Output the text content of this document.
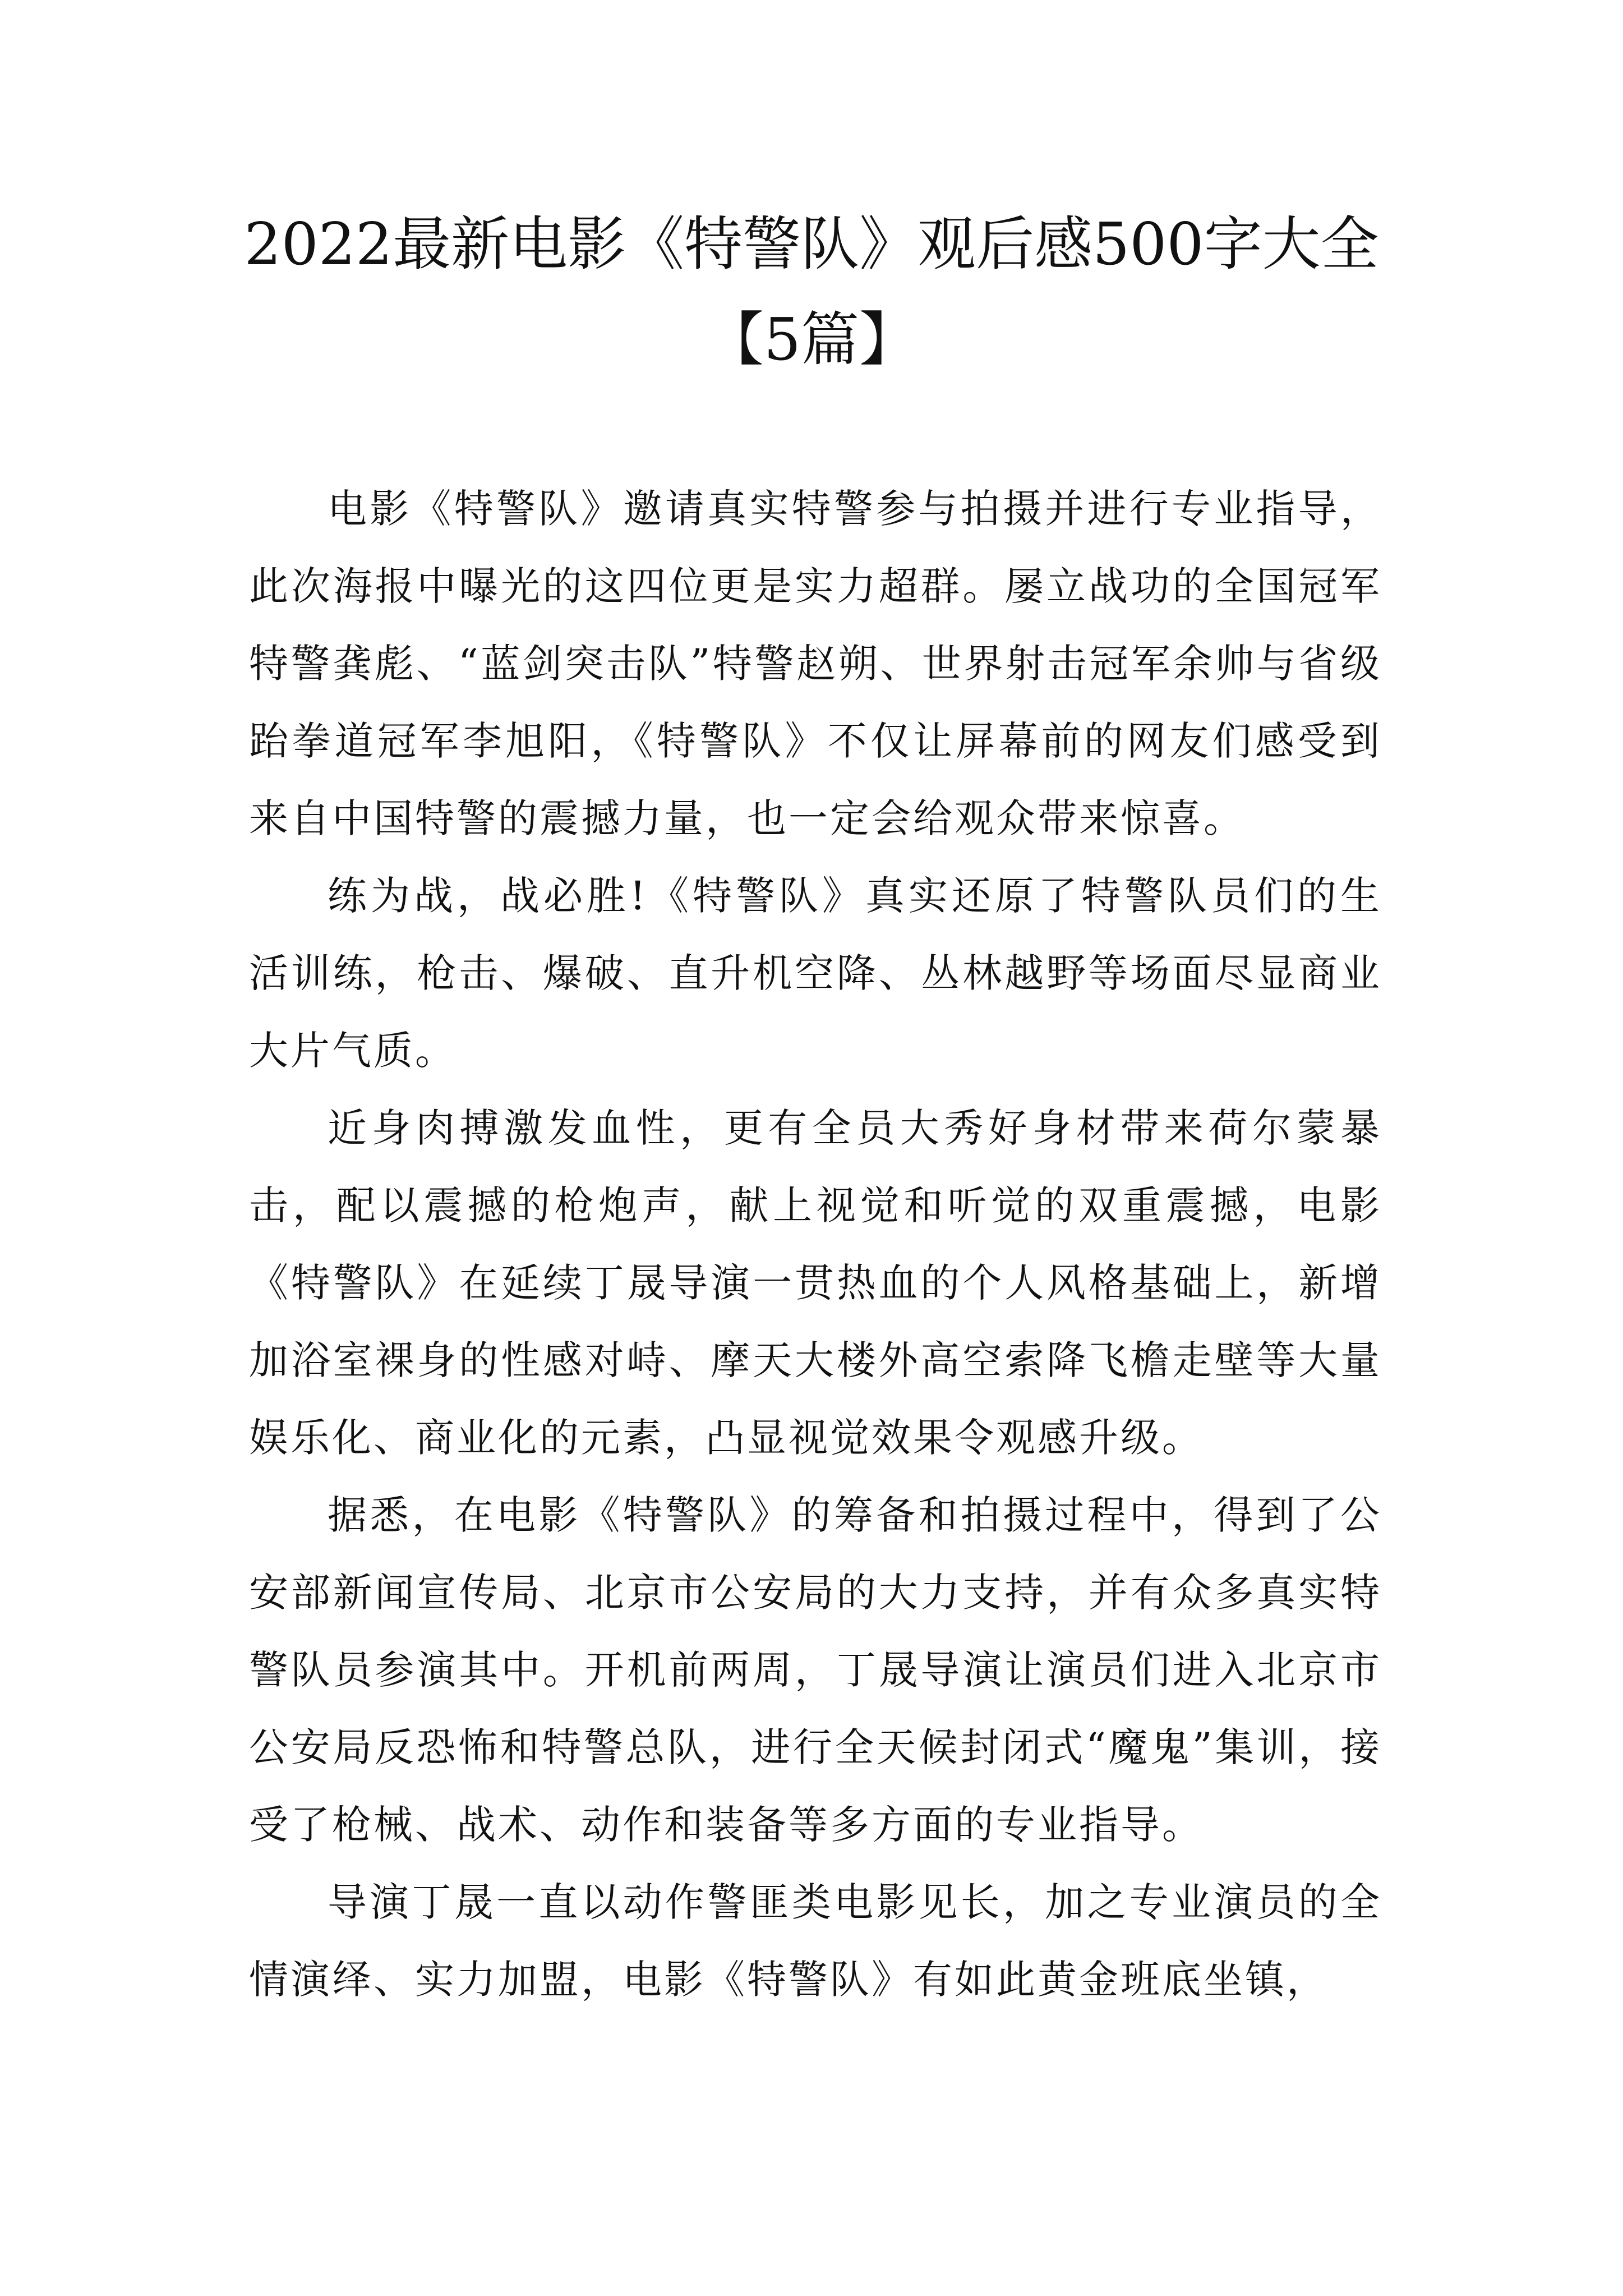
2022最新电影《特警队》观后感500字大全
【5篇】

电影《特警队》邀请真实特警参与拍摄并进行专业指导，此次海报中曝光的这四位更是实力超群。屡立战功的全国冠军特警龚彪、“蓝剑突击队”特警赵朔、世界射击冠军余帅与省级跆拳道冠军李旭阳，《特警队》不仅让屏幕前的网友们感受到来自中国特警的震撼力量，也一定会给观众带来惊喜。

练为战，战必胜!《特警队》真实还原了特警队员们的生活训练，枪击、爆破、直升机空降、丛林越野等场面尽显商业大片气质。

近身肉搏激发血性，更有全员大秀好身材带来荷尔蒙暴击，配以震撼的枪炮声，献上视觉和听觉的双重震撼，电影《特警队》在延续丁晟导演一贯热血的个人风格基础上，新增加浴室裸身的性感对峙、摩天大楼外高空索降飞檐走壁等大量娱乐化、商业化的元素，凸显视觉效果令观感升级。

据悉，在电影《特警队》的筹备和拍摄过程中，得到了公安部新闻宣传局、北京市公安局的大力支持，并有众多真实特警队员参演其中。开机前两周，丁晟导演让演员们进入北京市公安局反恐怖和特警总队，进行全天候封闭式“魔鬼”集训，接受了枪械、战术、动作和装备等多方面的专业指导。

导演丁晟一直以动作警匪类电影见长，加之专业演员的全情演绎、实力加盟，电影《特警队》有如此黄金班底坐镇，
